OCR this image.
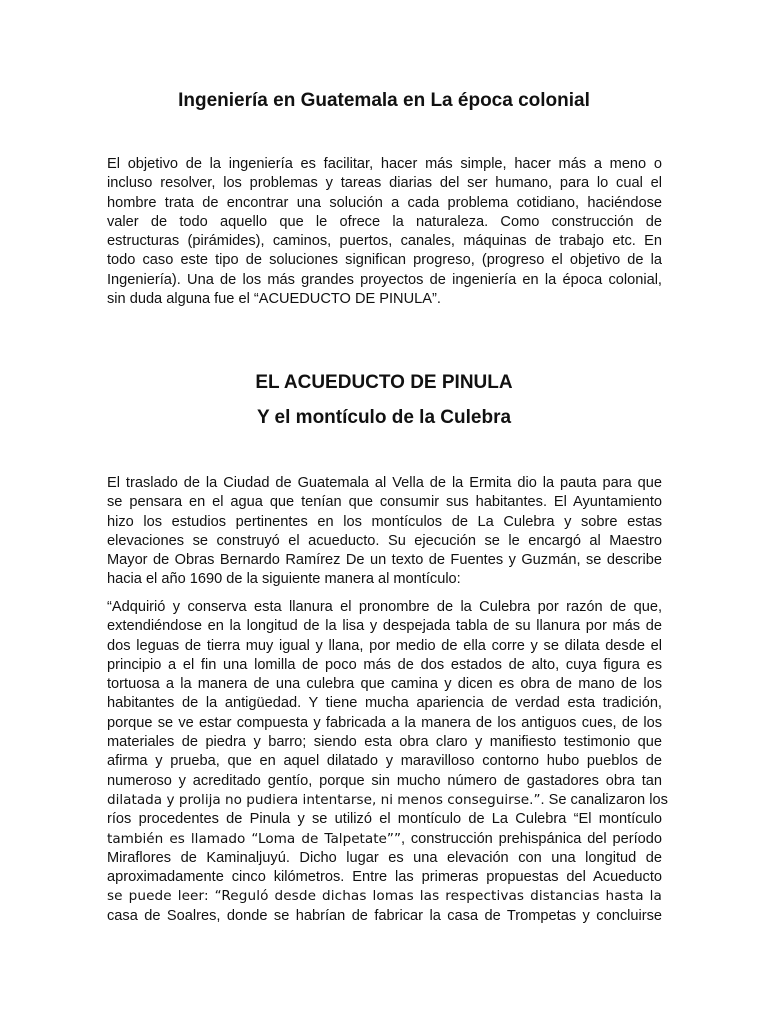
Ingeniería en Guatemala en La época colonial
El objetivo de la ingeniería es facilitar, hacer más simple, hacer más a meno o
incluso resolver, los problemas y tareas diarias del ser humano, para lo cual el
hombre trata de encontrar una solución a cada problema cotidiano, haciéndose
valer de todo aquello que le ofrece la naturaleza. Como construcción de
estructuras (pirámides), caminos, puertos, canales, máquinas de trabajo etc. En
todo caso este tipo de soluciones significan progreso, (progreso el objetivo de la
Ingeniería). Una de los más grandes proyectos de ingeniería en la época colonial,
sin duda alguna fue el “ACUEDUCTO DE PINULA”.
EL ACUEDUCTO DE PINULA
Y el montículo de la Culebra
El traslado de la Ciudad de Guatemala al Vella de la Ermita dio la pauta para que
se pensara en el agua que tenían que consumir sus habitantes. El Ayuntamiento
hizo los estudios pertinentes en los montículos de La Culebra y sobre estas
elevaciones se construyó el acueducto. Su ejecución se le encargó al Maestro
Mayor de Obras Bernardo Ramírez De un texto de Fuentes y Guzmán, se describe
hacia el año 1690 de la siguiente manera al montículo:
“Adquirió y conserva esta llanura el pronombre de la Culebra por razón de que,
extendiéndose en la longitud de la lisa y despejada tabla de su llanura por más de
dos leguas de tierra muy igual y llana, por medio de ella corre y se dilata desde el
principio a el fin una lomilla de poco más de dos estados de alto, cuya figura es
tortuosa a la manera de una culebra que camina y dicen es obra de mano de los
habitantes de la antigüedad. Y tiene mucha apariencia de verdad esta tradición,
porque se ve estar compuesta y fabricada a la manera de los antiguos cues, de los
materiales de piedra y barro; siendo esta obra claro y manifiesto testimonio que
afirma y prueba, que en aquel dilatado y maravilloso contorno hubo pueblos de
numeroso y acreditado gentío, porque sin mucho número de gastadores obra tan
dilatada y prolija no pudiera intentarse, ni menos conseguirse.”. Se canalizaron los
ríos procedentes de Pinula y se utilizó el montículo de La Culebra “El montículo
también es llamado “Loma de Talpetate””, construcción prehispánica del período
Miraflores de Kaminaljuyú. Dicho lugar es una elevación con una longitud de
aproximadamente cinco kilómetros. Entre las primeras propuestas del Acueducto
se puede leer: “Reguló desde dichas lomas las respectivas distancias hasta la
casa de Soalres, donde se habrían de fabricar la casa de Trompetas y concluirse
